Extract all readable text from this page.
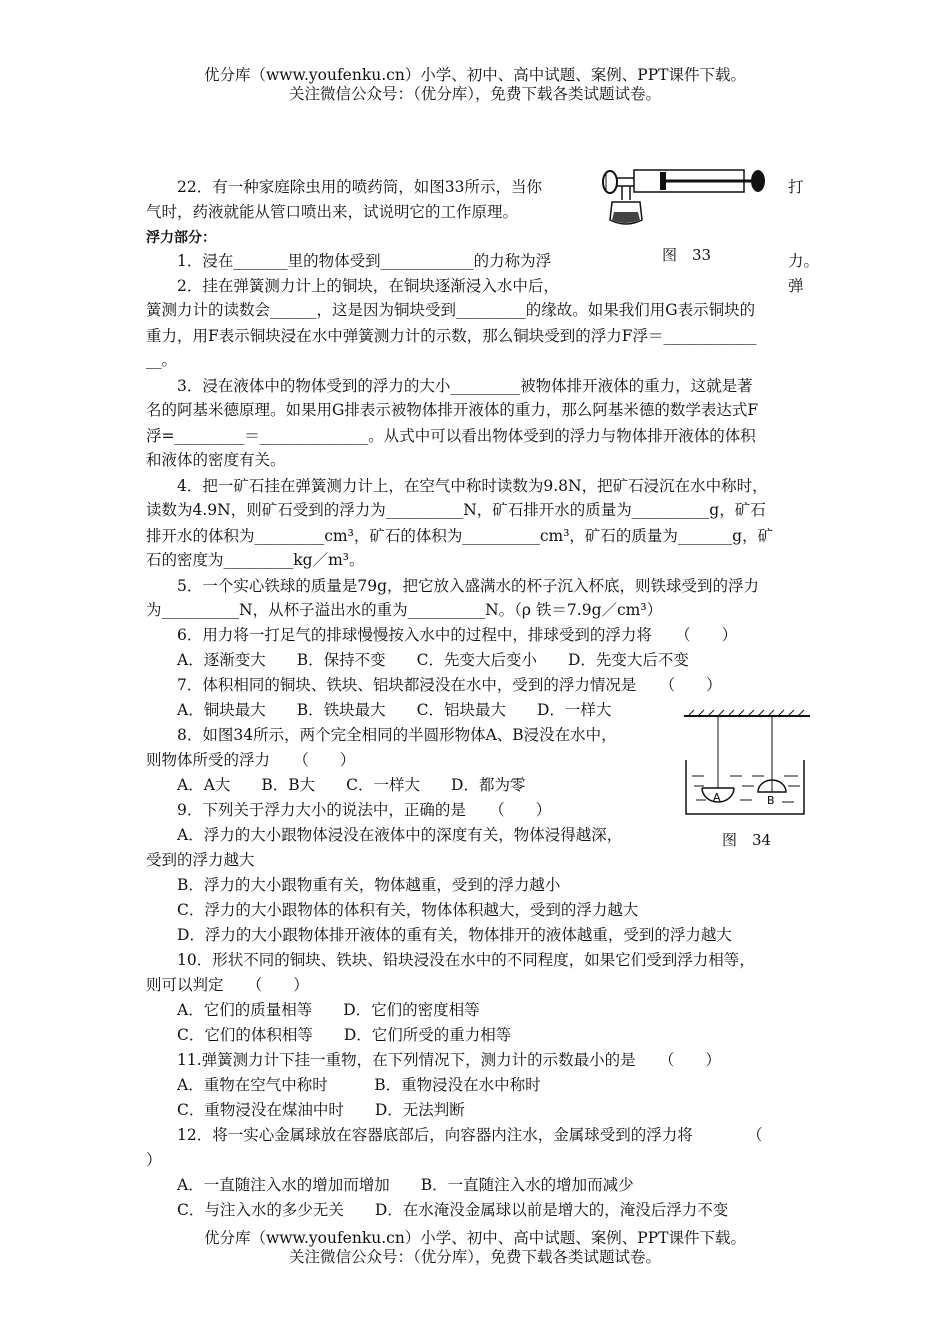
优分库（www.youfenku.cn）小学、初中、高中试题、案例、PPT课件下载。
关注微信公众号：（优分库），免费下载各类试题试卷。
　　22．有一种家庭除虫用的喷药筒，如图33所示，当你	打
气时，药液就能从管口喷出来，试说明它的工作原理。
浮力部分：
　　1．浸在_______里的物体受到____________的力称为浮	力。
　　2．挂在弹簧测力计上的铜块，在铜块逐渐浸入水中后，	弹
簧测力计的读数会______，这是因为铜块受到_________的缘故。如果我们用G表示铜块的
重力，用F表示铜块浸在水中弹簧测力计的示数，那么铜块受到的浮力F浮＝____________
__。
　　3．浸在液体中的物体受到的浮力的大小_________被物体排开液体的重力，这就是著
名的阿基米德原理。如果用G排表示被物体排开液体的重力，那么阿基米德的数学表达式F
浮=_________＝______________。从式中可以看出物体受到的浮力与物体排开液体的体积
和液体的密度有关。
　　4．把一矿石挂在弹簧测力计上，在空气中称时读数为9.8N，把矿石浸沉在水中称时，
读数为4.9N，则矿石受到的浮力为__________N，矿石排开水的质量为__________g，矿石
排开水的体积为_________cm³，矿石的体积为__________cm³，矿石的质量为_______g，矿
石的密度为_________kg／m³。
　　5．一个实心铁球的质量是79g，把它放入盛满水的杯子沉入杯底，则铁球受到的浮力
为__________N，从杯子溢出水的重为__________N。（ρ 铁＝7.9g／cm³）
　　6．用力将一打足气的排球慢慢按入水中的过程中，排球受到的浮力将　　（　　）
　　A．逐渐变大　　B．保持不变　　C．先变大后变小　　D．先变大后不变
　　7．体积相同的铜块、铁块、铝块都浸没在水中，受到的浮力情况是　　（　　）
　　A．铜块最大　　B．铁块最大　　C．铝块最大　　D．一样大
　　8．如图34所示，两个完全相同的半圆形物体A、B浸没在水中，
则物体所受的浮力　　（　　）
　　A．A大　　B．B大　　C．一样大　　D．都为零
　　9．下列关于浮力大小的说法中，正确的是　　（　　）
　　A．浮力的大小跟物体浸没在液体中的深度有关，物体浸得越深，
受到的浮力越大
　　B．浮力的大小跟物重有关，物体越重，受到的浮力越小
　　C．浮力的大小跟物体的体积有关，物体体积越大，受到的浮力越大
　　D．浮力的大小跟物体排开液体的重有关，物体排开的液体越重，受到的浮力越大
　　10．形状不同的铜块、铁块、铅块浸没在水中的不同程度，如果它们受到浮力相等，
则可以判定　　（　　）
　　A．它们的质量相等　　D．它们的密度相等
　　C．它们的体积相等　　D．它们所受的重力相等
　　11.弹簧测力计下挂一重物，在下列情况下，测力计的示数最小的是　　（　　）
　　A．重物在空气中称时　　　B．重物浸没在水中称时
　　C．重物浸没在煤油中时　　D．无法判断
　　12．将一实心金属球放在容器底部后，向容器内注水，金属球受到的浮力将　　　　（
）
　　A．一直随注入水的增加而增加　　B．一直随注入水的增加而减少
　　C．与注入水的多少无关　　D．在水淹没金属球以前是增大的，淹没后浮力不变
图　33
A	B
图　34
优分库（www.youfenku.cn）小学、初中、高中试题、案例、PPT课件下载。
关注微信公众号：（优分库），免费下载各类试题试卷。
